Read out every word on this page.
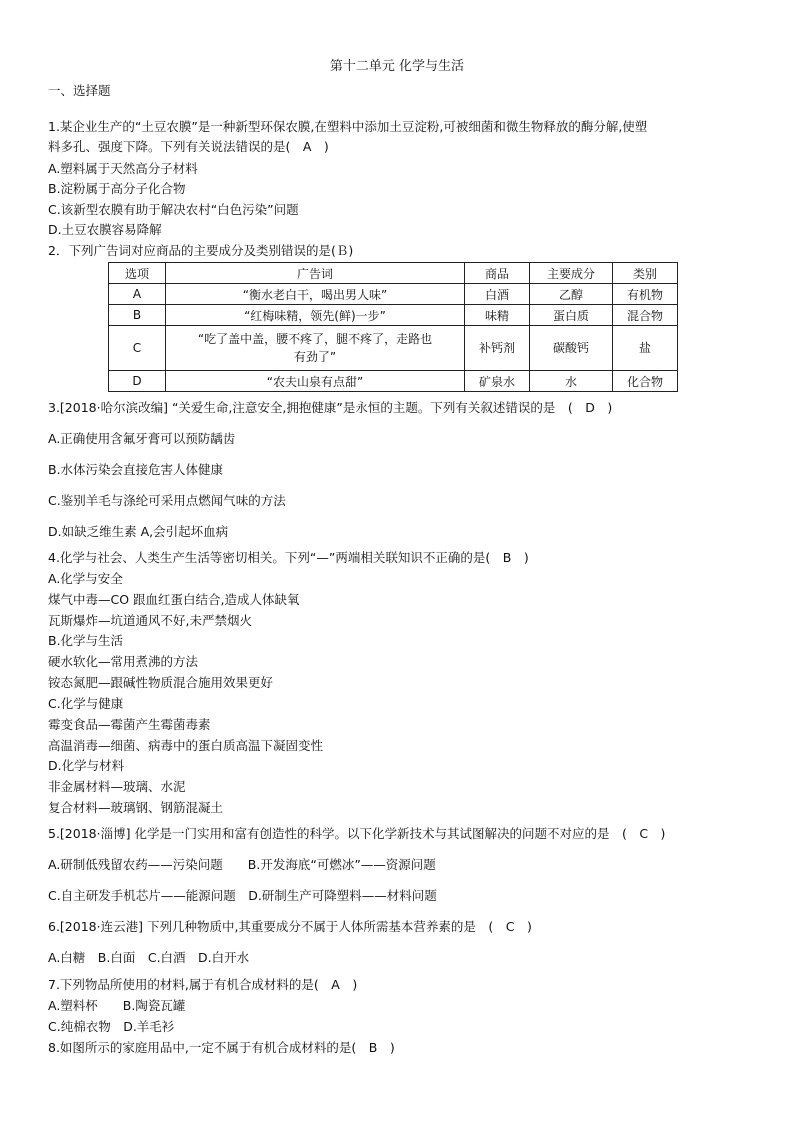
第十二单元 化学与生活
一、选择题
1.某企业生产的“土豆农膜”是一种新型环保农膜,在塑料中添加土豆淀粉,可被细菌和微生物释放的酶分解,使塑
料多孔、强度下降。下列有关说法错误的是(　A　)
A.塑料属于天然高分子材料
B.淀粉属于高分子化合物
C.该新型农膜有助于解决农村“白色污染”问题
D.土豆农膜容易降解
2．下列广告词对应商品的主要成分及类别错误的是(Ｂ)
选项	广告词	商品	主要成分	类别
A	“衡水老白干，喝出男人味”	白酒	乙醇	有机物
B	“红梅味精，领先(鲜)一步”	味精	蛋白质	混合物
C	“吃了盖中盖，腰不疼了，腿不疼了，走路也
有劲了”	补钙剂	碳酸钙	盐
D	“农夫山泉有点甜”	矿泉水	水	化合物
3.[2018·哈尔滨改编] “关爱生命,注意安全,拥抱健康”是永恒的主题。下列有关叙述错误的是　(　D　)
A.正确使用含氟牙膏可以预防龋齿
B.水体污染会直接危害人体健康
C.鉴别羊毛与涤纶可采用点燃闻气味的方法
D.如缺乏维生素 A,会引起坏血病
4.化学与社会、人类生产生活等密切相关。下列“—”两端相关联知识不正确的是(　B　)
A.化学与安全
煤气中毒—CO 跟血红蛋白结合,造成人体缺氧
瓦斯爆炸—坑道通风不好,未严禁烟火
B.化学与生活
硬水软化—常用煮沸的方法
铵态氮肥—跟碱性物质混合施用效果更好
C.化学与健康
霉变食品—霉菌产生霉菌毒素
高温消毒—细菌、病毒中的蛋白质高温下凝固变性
D.化学与材料
非金属材料—玻璃、水泥
复合材料—玻璃钢、钢筋混凝土
5.[2018·淄博] 化学是一门实用和富有创造性的科学。以下化学新技术与其试图解决的问题不对应的是　(　C　)
A.研制低残留农药——污染问题　　B.开发海底“可燃冰”——资源问题
C.自主研发手机芯片——能源问题　D.研制生产可降塑料——材料问题
6.[2018·连云港] 下列几种物质中,其重要成分不属于人体所需基本营养素的是　(　C　)
A.白糖　B.白面　C.白酒　D.白开水
7.下列物品所使用的材料,属于有机合成材料的是(　A　)
A.塑料杯　　B.陶瓷瓦罐
C.纯棉衣物　D.羊毛衫
8.如图所示的家庭用品中,一定不属于有机合成材料的是(　B　)
